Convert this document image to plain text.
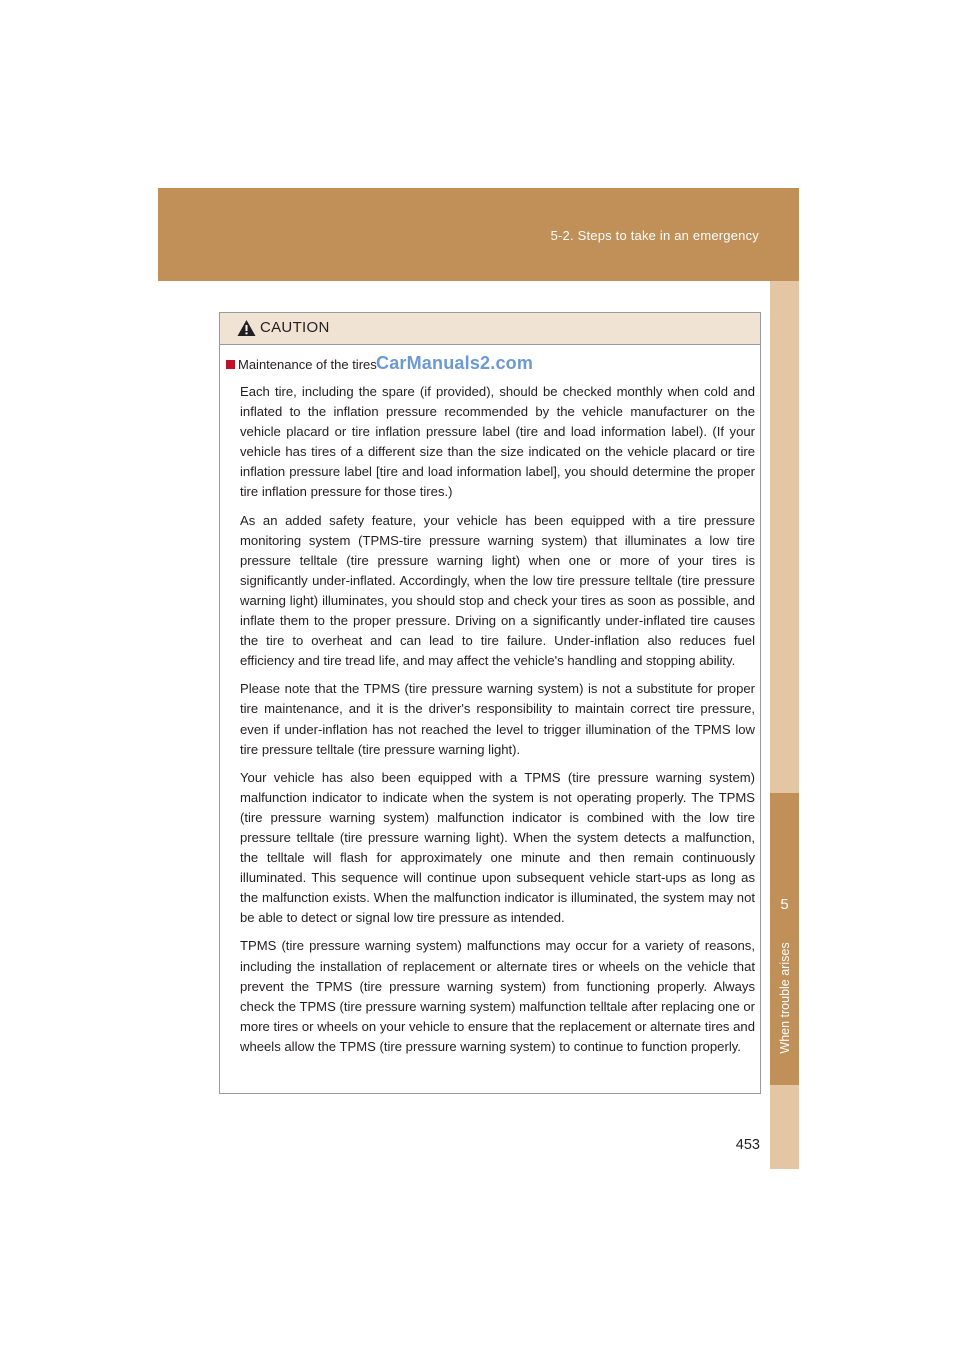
5-2. Steps to take in an emergency
5
When trouble arises
CAUTION
Maintenance of the tires CarManuals2.com

Each tire, including the spare (if provided), should be checked monthly when cold and inflated to the inflation pressure recommended by the vehicle manufacturer on the vehicle placard or tire inflation pressure label (tire and load information label). (If your vehicle has tires of a different size than the size indicated on the vehicle placard or tire inflation pressure label [tire and load information label], you should determine the proper tire inflation pressure for those tires.)

As an added safety feature, your vehicle has been equipped with a tire pressure monitoring system (TPMS-tire pressure warning system) that illuminates a low tire pressure telltale (tire pressure warning light) when one or more of your tires is significantly under-inflated. Accordingly, when the low tire pressure telltale (tire pressure warning light) illuminates, you should stop and check your tires as soon as possible, and inflate them to the proper pressure. Driving on a significantly under-inflated tire causes the tire to overheat and can lead to tire failure. Under-inflation also reduces fuel efficiency and tire tread life, and may affect the vehicle's handling and stopping ability.

Please note that the TPMS (tire pressure warning system) is not a substitute for proper tire maintenance, and it is the driver's responsibility to maintain correct tire pressure, even if under-inflation has not reached the level to trigger illumination of the TPMS low tire pressure telltale (tire pressure warning light).

Your vehicle has also been equipped with a TPMS (tire pressure warning system) malfunction indicator to indicate when the system is not operating properly. The TPMS (tire pressure warning system) malfunction indicator is combined with the low tire pressure telltale (tire pressure warning light). When the system detects a malfunction, the telltale will flash for approximately one minute and then remain continuously illuminated. This sequence will continue upon subsequent vehicle start-ups as long as the malfunction exists. When the malfunction indicator is illuminated, the system may not be able to detect or signal low tire pressure as intended.

TPMS (tire pressure warning system) malfunctions may occur for a variety of reasons, including the installation of replacement or alternate tires or wheels on the vehicle that prevent the TPMS (tire pressure warning system) from functioning properly. Always check the TPMS (tire pressure warning system) malfunction telltale after replacing one or more tires or wheels on your vehicle to ensure that the replacement or alternate tires and wheels allow the TPMS (tire pressure warning system) to continue to function properly.

453
